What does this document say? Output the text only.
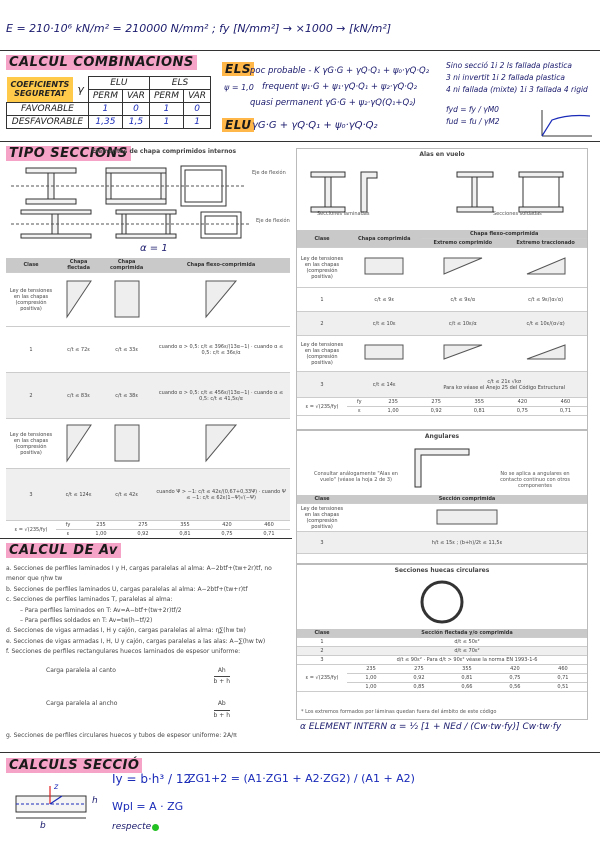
E = 210·10⁶ kN/m² = 210000 N/mm² ; fy [N/mm²] → ×1000 → [kN/m²]
CALCUL COMBINACIONS
COEFICIENTS SEGURETAT	γ	ELU		ELS	
		PERM	VAR	PERM	VAR
FAVORABLE		1	0	1	0
DESFAVORABLE		1,35	1,5	1	1
ELS
ψ = 1,0
poc probable - K γG·G + γQ·Q₁ + ψ₀·γQ·Q₂
frequent ψ₁·G + ψ₁·γQ·Q₁ + ψ₂·γQ·Q₂
quasi permanent γG·G + ψ₂·γQ(Q₁+Q₂)
ELU γG·G + γQ·Q₁ + ψ₀·γQ·Q₂
Sino secció 1i 2 ls fallada plastica
3 ni invertit 1i 2 fallada plastica
4 ni fallada (mixte) 1i 3 fallada 4 rigid
fyd = fy / γM0
fud = fu / γM2
TIPO SECCIONS
Elementos de chapa comprimidos internos
Eje de flexión
Eje de flexión
α = 1
Clase	Chapa flectada	Chapa comprimida	Chapa flexo-comprimida
Ley de tensiones en las chapas (compresión positiva)			
1	c/t ≤ 72ε	c/t ≤ 33ε	cuando α > 0,5: c/t ≤ 396ε/(13α−1) · cuando α ≤ 0,5: c/t ≤ 36ε/α
2	c/t ≤ 83ε	c/t ≤ 38ε	cuando α > 0,5: c/t ≤ 456ε/(13α−1) · cuando α ≤ 0,5: c/t ≤ 41,5ε/α
Ley de tensiones en las chapas (compresión positiva)			
3	c/t ≤ 124ε	c/t ≤ 42ε	cuando Ψ > −1: c/t ≤ 42ε/(0,67+0,33Ψ) · cuando Ψ ≤ −1: c/t ≤ 62ε(1−Ψ)√(−Ψ)
ε = √(235/fy)	fy	235	275	355	420	460
	ε	1,00	0,92	0,81	0,75	0,71
Alas en vuelo
Secciones laminadas	Secciones soldadas
Clase	Chapa comprimida	Chapa flexo-comprimida	
		Extremo comprimido	Extremo traccionado
Ley de tensiones en las chapas (compresión positiva)			
1	c/t ≤ 9ε	c/t ≤ 9ε/α	c/t ≤ 9ε/(α√α)
2	c/t ≤ 10ε	c/t ≤ 10ε/α	c/t ≤ 10ε/(α√α)
Ley de tensiones en las chapas (compresión positiva)			
3	c/t ≤ 14ε	c/t ≤ 21ε √kσ
Para kσ véase el Anejo 25 del Código Estructural	
ε = √(235/fy)	fy	235	275	355	420	460
	ε	1,00	0,92	0,81	0,75	0,71
Angulares
Consultar análogamente "Alas en vuelo" (véase la hoja 2 de 3)
No se aplica a angulares en contacto continuo con otros componentes
Clase	Sección comprimida
Ley de tensiones en las chapas (compresión positiva)	
3	h/t ≤ 15ε ; (b+h)/2t ≤ 11,5ε
Secciones huecas circulares
Clase	Sección flectada y/o comprimida				
1	d/t ≤ 50ε²				
2	d/t ≤ 70ε²				
3	d/t ≤ 90ε² · Para d/t > 90ε² véase la norma EN 1993-1-6				
ε = √(235/fy)	235	275	355	420	460
	1,00	0,92	0,81	0,75	0,71
	1,00	0,85	0,66	0,56	0,51
* Los extremos formados por láminas quedan fuera del ámbito de este código
α ELEMENT INTERN α = ½ [1 + NEd / (Cw·tw·fy)] Cw·tw·fy
CALCUL DE Av
a. Secciones de perfiles laminados I y H, cargas paralelas al alma: A−2btf+(tw+2r)tf, no menor que ηhw tw
b. Secciones de perfiles laminados U, cargas paralelas al alma: A−2btf+(tw+r)tf
c. Secciones de perfiles laminados T, paralelas al alma:
– Para perfiles laminados en T: Av=A−btf+(tw+2r)tf/2
– Para perfiles soldados en T: Av=tw(h−tf/2)
d. Secciones de vigas armadas I, H y cajón, cargas paralelas al alma: η∑(hw tw)
e. Secciones de vigas armadas I, H, U y cajón, cargas paralelas a las alas: A−∑(hw tw)
f. Secciones de perfiles rectangulares huecos laminados de espesor uniforme:
Carga paralela al canto	$\frac{Ah}{b + h}$
Carga paralela al ancho	$\frac{Ab}{b + h}$
g. Secciones de perfiles circulares huecos y tubos de espesor uniforme: 2A/π
CALCULS SECCIÓ
h
b
z
Iy = b·h³ / 12
ZG1+2 = (A1·ZG1 + A2·ZG2) / (A1 + A2)
Wpl = A · ZG
respecte
